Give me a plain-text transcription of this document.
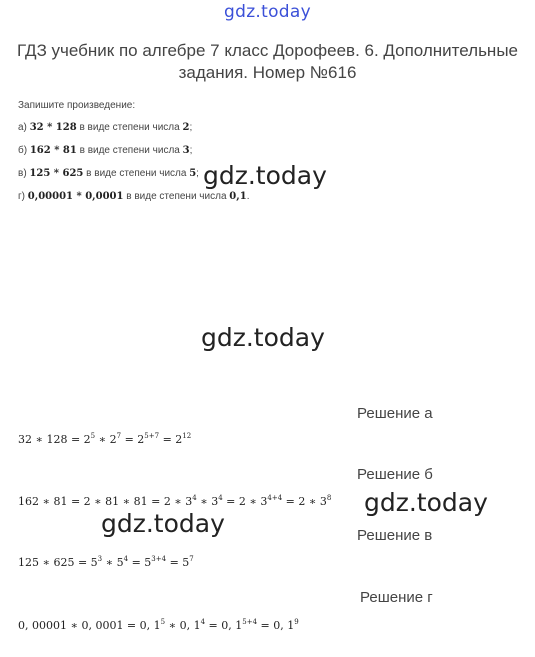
gdz.today
ГДЗ учебник по алгебре 7 класс Дорофеев. 6. Дополнительные задания. Номер №616
Запишите произведение:
а) 32 * 128 в виде степени числа 2;
б) 162 * 81 в виде степени числа 3;
в) 125 * 625 в виде степени числа 5;
г) 0,00001 * 0,0001 в виде степени числа 0,1.
gdz.today
gdz.today
gdz.today
gdz.today
Решение а
32 ∗ $128 = 2^5$ ∗ $2^7 = 2^{5+7} = 2^{12}$
Решение б
162 ∗ 81 = 2 ∗ 81 ∗ 81 = 2 ∗ $3^4$ ∗ $3^4 = 2$ ∗ $3^{4+4} = 2$ ∗ $3^8$
Решение в
125 ∗ $625 = 5^3$ ∗ $5^4 = 5^{3+4} = 5^7$
Решение г
0, 00001 ∗ 0, 0001 = 0, $1^5$ ∗ 0, $1^4 = 0$, $1^{5+4} = 0$, $1^9$
